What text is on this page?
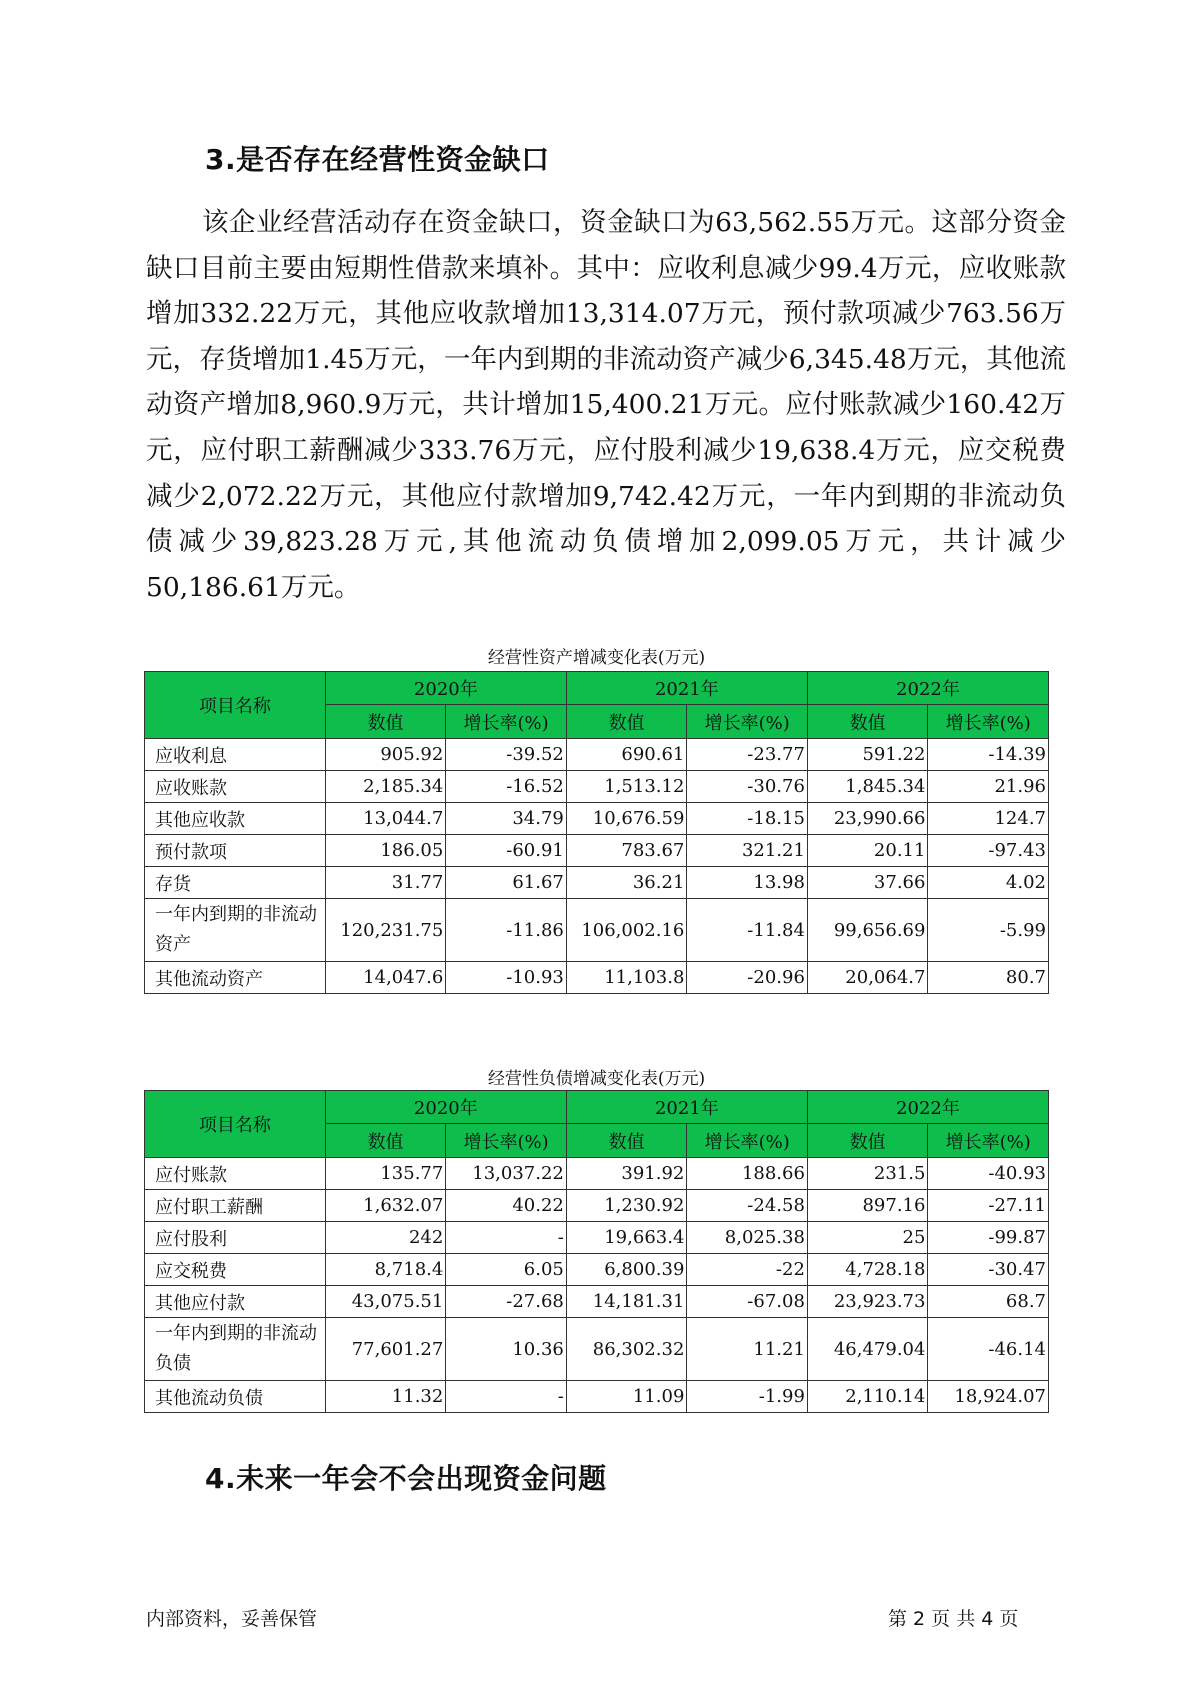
3.是否存在经营性资金缺口

该企业经营活动存在资金缺口，资金缺口为63,562.55万元。这部分资金缺口目前主要由短期性借款来填补。其中：应收利息减少99.4万元，应收账款增加332.22万元，其他应收款增加13,314.07万元，预付款项减少763.56万元，存货增加1.45万元，一年内到期的非流动资产减少6,345.48万元，其他流动资产增加8,960.9万元，共计增加15,400.21万元。应付账款减少160.42万元，应付职工薪酬减少333.76万元，应付股利减少19,638.4万元，应交税费减少2,072.22万元，其他应付款增加9,742.42万元，一年内到期的非流动负债减少39,823.28万元,其他流动负债增加2,099.05万元，共计减少50,186.61万元。

经营性资产增减变化表(万元)
项目名称	2020年		2021年		2022年	
	数值	增长率(%)	数值	增长率(%)	数值	增长率(%)
应收利息	905.92	-39.52	690.61	-23.77	591.22	-14.39
应收账款	2,185.34	-16.52	1,513.12	-30.76	1,845.34	21.96
其他应收款	13,044.7	34.79	10,676.59	-18.15	23,990.66	124.7
预付款项	186.05	-60.91	783.67	321.21	20.11	-97.43
存货	31.77	61.67	36.21	13.98	37.66	4.02
一年内到期的非流动资产	120,231.75	-11.86	106,002.16	-11.84	99,656.69	-5.99
其他流动资产	14,047.6	-10.93	11,103.8	-20.96	20,064.7	80.7
经营性负债增减变化表(万元)
项目名称	2020年		2021年		2022年	
	数值	增长率(%)	数值	增长率(%)	数值	增长率(%)
应付账款	135.77	13,037.22	391.92	188.66	231.5	-40.93
应付职工薪酬	1,632.07	40.22	1,230.92	-24.58	897.16	-27.11
应付股利	242	-	19,663.4	8,025.38	25	-99.87
应交税费	8,718.4	6.05	6,800.39	-22	4,728.18	-30.47
其他应付款	43,075.51	-27.68	14,181.31	-67.08	23,923.73	68.7
一年内到期的非流动负债	77,601.27	10.36	86,302.32	11.21	46,479.04	-46.14
其他流动负债	11.32	-	11.09	-1.99	2,110.14	18,924.07
4.未来一年会不会出现资金问题
内部资料，妥善保管	第 2 页 共 4 页
